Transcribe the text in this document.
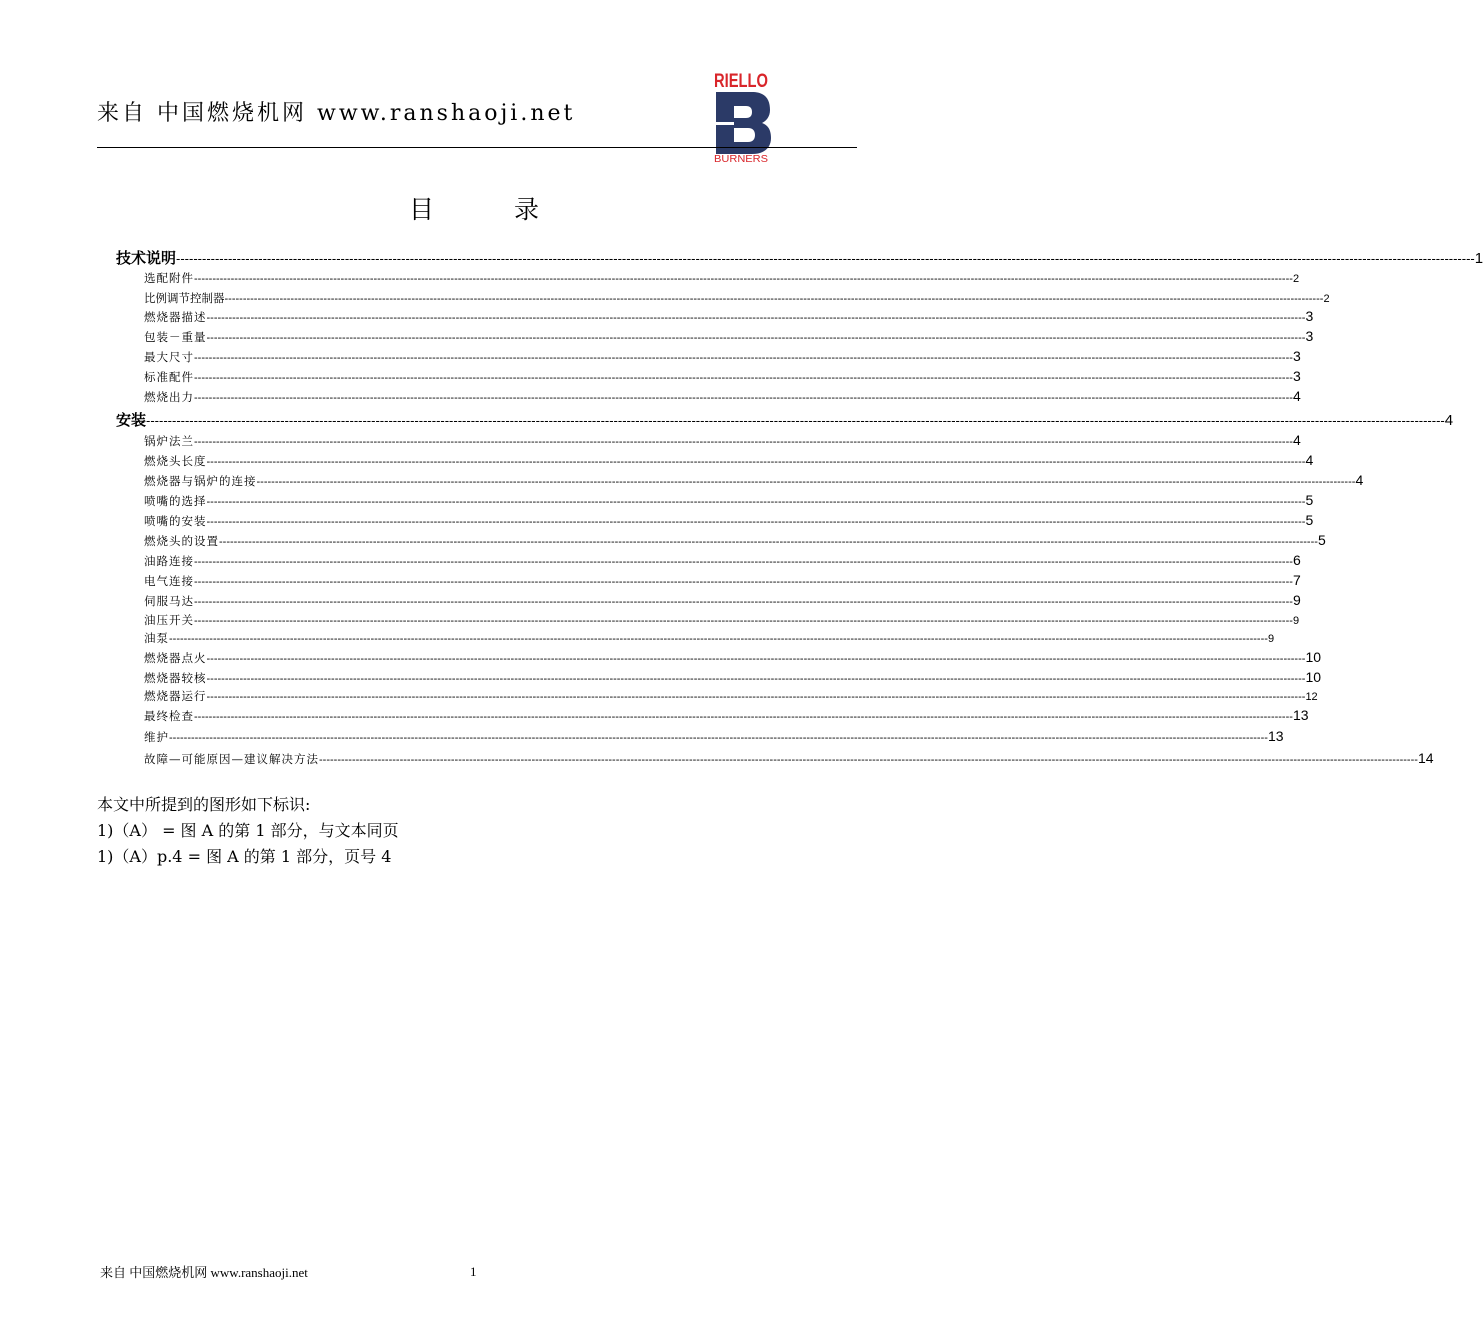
来自 中国燃烧机网 www.ranshaoji.net
RIELLO
BURNERS
目	录
技术说明 ------------------------------------------------------------------------------------------------------------------------------------------------------------------------------------------------------------------------------------------------------------------------------------------------------------ 1
选配附件 ------------------------------------------------------------------------------------------------------------------------------------------------------------------------------------------------------------------------------------------------------------------------------------------------------------ 2
比例调节控制器 ------------------------------------------------------------------------------------------------------------------------------------------------------------------------------------------------------------------------------------------------------------------------------------------------------------ 2
燃烧器描述 ------------------------------------------------------------------------------------------------------------------------------------------------------------------------------------------------------------------------------------------------------------------------------------------------------------ 3
包装－重量 ------------------------------------------------------------------------------------------------------------------------------------------------------------------------------------------------------------------------------------------------------------------------------------------------------------ 3
最大尺寸 ------------------------------------------------------------------------------------------------------------------------------------------------------------------------------------------------------------------------------------------------------------------------------------------------------------ 3
标准配件 ------------------------------------------------------------------------------------------------------------------------------------------------------------------------------------------------------------------------------------------------------------------------------------------------------------ 3
燃烧出力 ------------------------------------------------------------------------------------------------------------------------------------------------------------------------------------------------------------------------------------------------------------------------------------------------------------ 4
安装 ------------------------------------------------------------------------------------------------------------------------------------------------------------------------------------------------------------------------------------------------------------------------------------------------------------ 4
锅炉法兰 ------------------------------------------------------------------------------------------------------------------------------------------------------------------------------------------------------------------------------------------------------------------------------------------------------------ 4
燃烧头长度 ------------------------------------------------------------------------------------------------------------------------------------------------------------------------------------------------------------------------------------------------------------------------------------------------------------ 4
燃烧器与锅炉的连接 ------------------------------------------------------------------------------------------------------------------------------------------------------------------------------------------------------------------------------------------------------------------------------------------------------------ 4
喷嘴的选择 ------------------------------------------------------------------------------------------------------------------------------------------------------------------------------------------------------------------------------------------------------------------------------------------------------------ 5
喷嘴的安装 ------------------------------------------------------------------------------------------------------------------------------------------------------------------------------------------------------------------------------------------------------------------------------------------------------------ 5
燃烧头的设置 ------------------------------------------------------------------------------------------------------------------------------------------------------------------------------------------------------------------------------------------------------------------------------------------------------------ 5
油路连接 ------------------------------------------------------------------------------------------------------------------------------------------------------------------------------------------------------------------------------------------------------------------------------------------------------------ 6
电气连接 ------------------------------------------------------------------------------------------------------------------------------------------------------------------------------------------------------------------------------------------------------------------------------------------------------------ 7
伺服马达 ------------------------------------------------------------------------------------------------------------------------------------------------------------------------------------------------------------------------------------------------------------------------------------------------------------ 9
油压开关 ------------------------------------------------------------------------------------------------------------------------------------------------------------------------------------------------------------------------------------------------------------------------------------------------------------ 9
油泵 ------------------------------------------------------------------------------------------------------------------------------------------------------------------------------------------------------------------------------------------------------------------------------------------------------------ 9
燃烧器点火 ------------------------------------------------------------------------------------------------------------------------------------------------------------------------------------------------------------------------------------------------------------------------------------------------------------ 10
燃烧器较核 ------------------------------------------------------------------------------------------------------------------------------------------------------------------------------------------------------------------------------------------------------------------------------------------------------------ 10
燃烧器运行 ------------------------------------------------------------------------------------------------------------------------------------------------------------------------------------------------------------------------------------------------------------------------------------------------------------ 12
最终检查 ------------------------------------------------------------------------------------------------------------------------------------------------------------------------------------------------------------------------------------------------------------------------------------------------------------ 13
维护 ------------------------------------------------------------------------------------------------------------------------------------------------------------------------------------------------------------------------------------------------------------------------------------------------------------ 13
故障—可能原因—建议解决方法 ------------------------------------------------------------------------------------------------------------------------------------------------------------------------------------------------------------------------------------------------------------------------------------------------------------ 14
本文中所提到的图形如下标识:
1)（A） = 图 A 的第 1 部分，与文本同页
1)（A）p.4 = 图 A 的第 1 部分，页号 4
来自 中国燃烧机网 www.ranshaoji.net	1
